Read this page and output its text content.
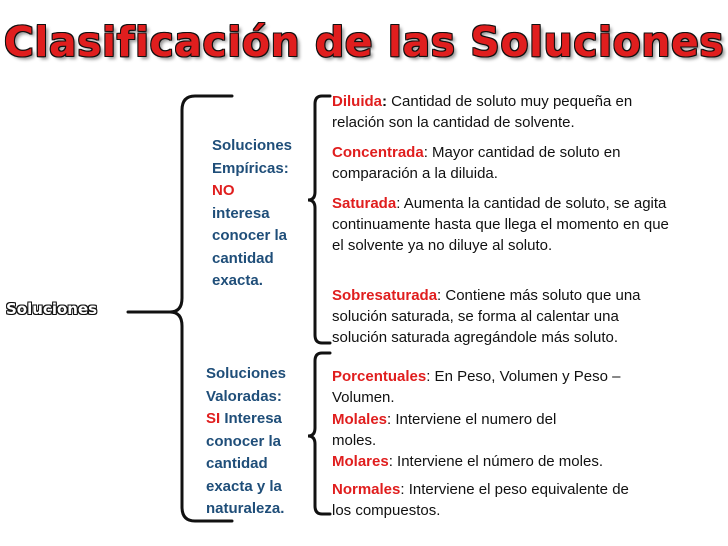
Clasificación de las Soluciones
Soluciones
Soluciones
Empíricas:
NO
interesa
conocer la
cantidad
exacta.
Soluciones
Valoradas:
SI Interesa
conocer la
cantidad
exacta y la
naturaleza.
Diluida: Cantidad de soluto muy pequeña en relación son la cantidad de solvente.
Concentrada: Mayor cantidad de soluto en comparación a la diluida.
Saturada: Aumenta la cantidad de soluto, se agita continuamente hasta que llega el momento en que el solvente ya no diluye al soluto.
Sobresaturada: Contiene más soluto que una solución saturada, se forma al calentar una solución saturada agregándole más soluto.
Porcentuales: En Peso, Volumen y Peso – Volumen.
Molales: Interviene el numero del moles.
Molares: Interviene el número de moles.
Normales: Interviene el peso equivalente de los compuestos.
